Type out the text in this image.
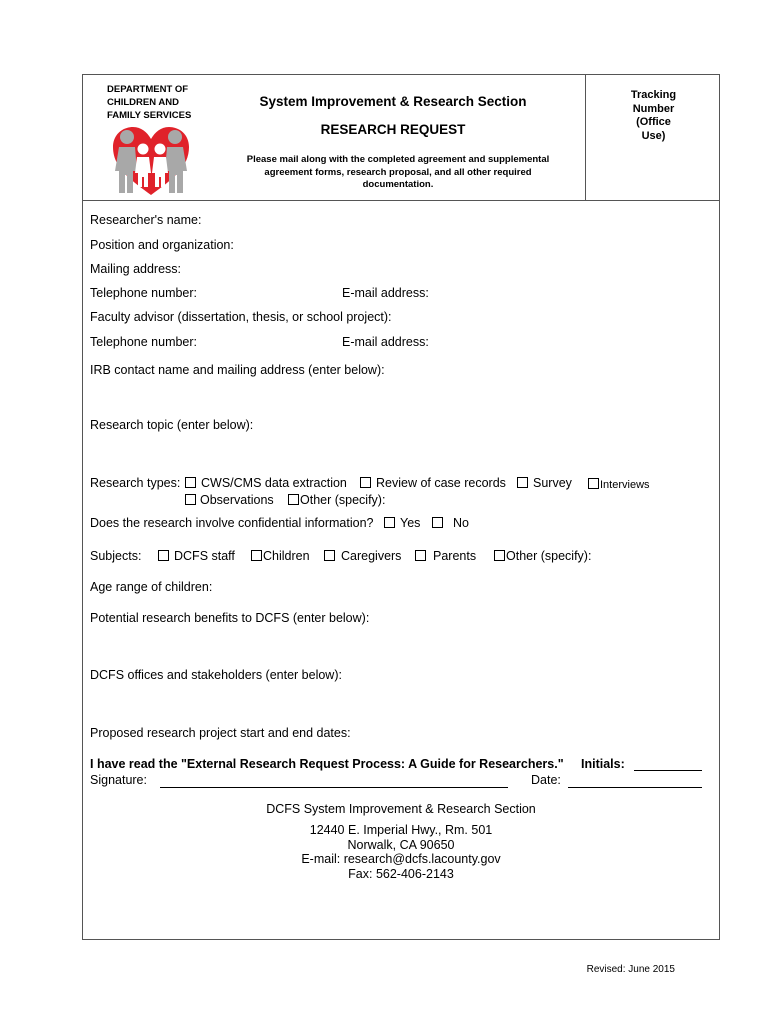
DEPARTMENT OF
CHILDREN AND
FAMILY SERVICES
System Improvement & Research Section
RESEARCH REQUEST
Please mail along with the completed agreement and supplemental agreement forms, research proposal, and all other required documentation.
Tracking
Number
(Office
Use)
Researcher's name:
Position and organization:
Mailing address:
Telephone number:	E-mail address:
Faculty advisor (dissertation, thesis, or school project):
Telephone number:	E-mail address:
IRB contact name and mailing address (enter below):
Research topic (enter below):
Research types:	CWS/CMS data extraction	Review of case records	Survey	Interviews
Observations	Other (specify):
Does the research involve confidential information?	Yes	No
Subjects:	DCFS staff	Children	Caregivers	Parents	Other (specify):
Age range of children:
Potential research benefits to DCFS (enter below):
DCFS offices and stakeholders (enter below):
Proposed research project start and end dates:
I have read the "External Research Request Process: A Guide for Researchers." Initials:
Signature:	Date:
DCFS System Improvement & Research Section
12440 E. Imperial Hwy., Rm. 501
Norwalk, CA 90650
E-mail: research@dcfs.lacounty.gov
Fax: 562-406-2143
Revised: June 2015
